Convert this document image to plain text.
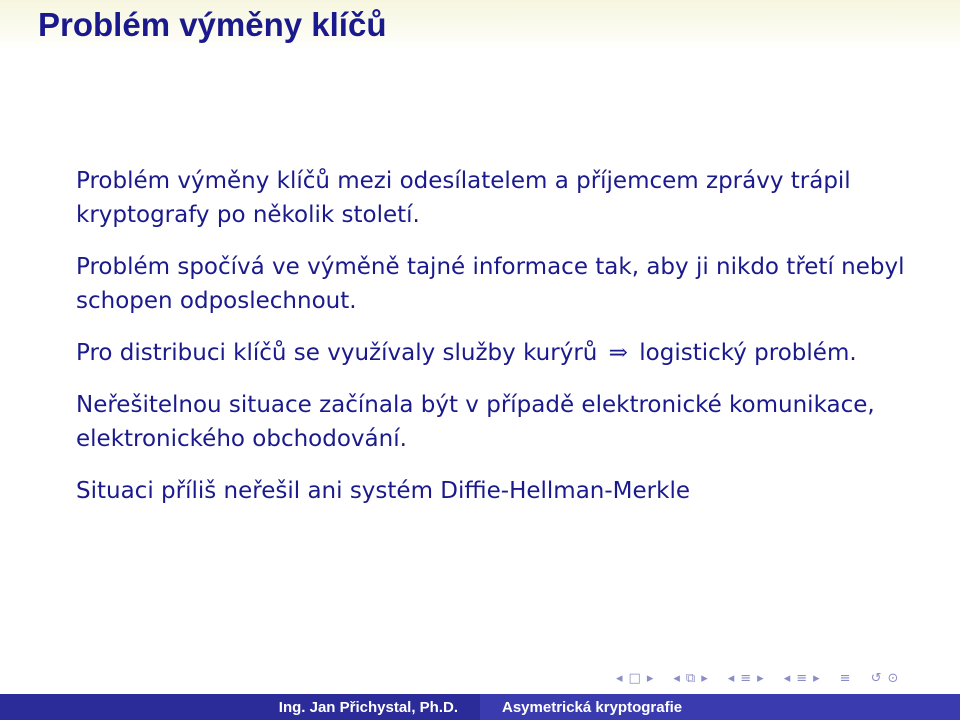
Problém výměny klíčů

Problém výměny klíčů mezi odesílatelem a příjemcem zprávy trápil kryptografy po několik století.

Problém spočívá ve výměně tajné informace tak, aby ji nikdo třetí nebyl schopen odposlechnout.

Pro distribuci klíčů se využívaly služby kurýrů ⇒ logistický problém.

Neřešitelnou situace začínala být v případě elektronické komunikace, elektronického obchodování.

Situaci příliš neřešil ani systém Diffie-Hellman-Merkle

◂ □ ▸ ◂ ⧉ ▸ ◂ ≡ ▸ ◂ ≡ ▸ ≡ ↺ ⊙
Ing. Jan Přichystal, Ph.D.	Asymetrická kryptografie
